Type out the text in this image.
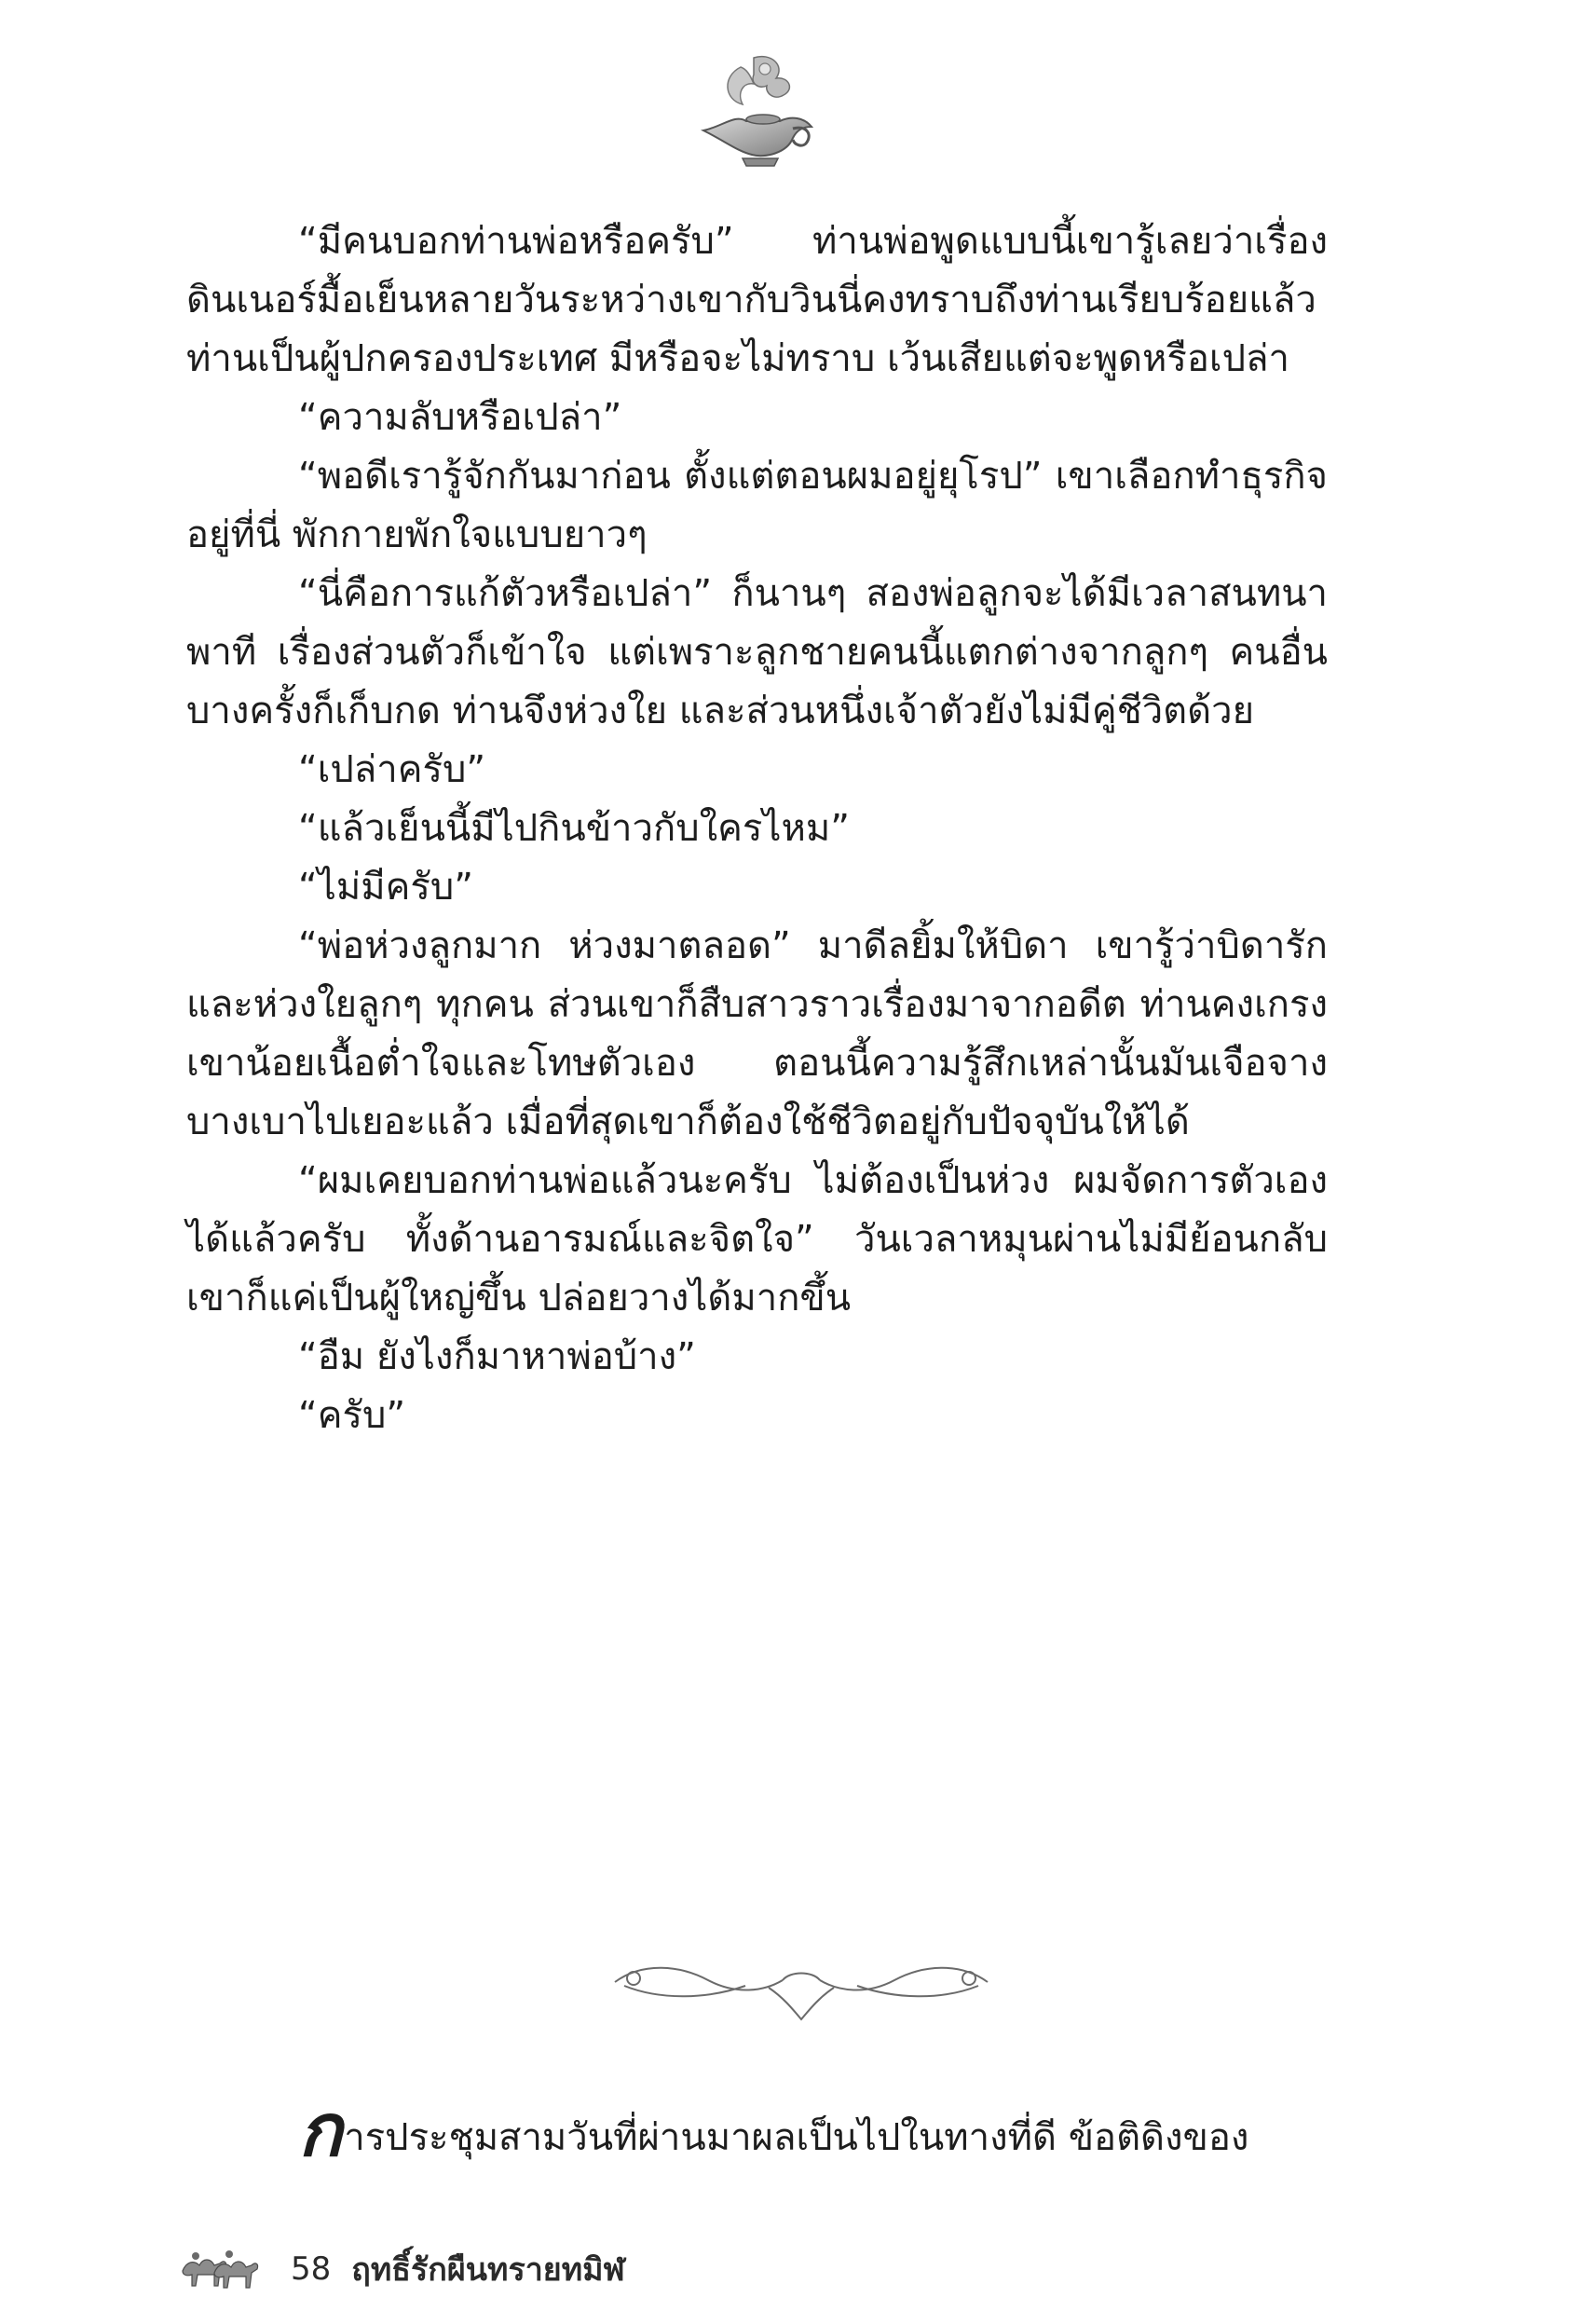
“มีคนบอกท่านพ่อหรือครับ” ท่านพ่อพูดแบบนี้เขารู้เลยว่าเรื่องดินเนอร์มื้อเย็นหลายวันระหว่างเขากับวินนี่คงทราบถึงท่านเรียบร้อยแล้ว ท่านเป็นผู้ปกครองประเทศ มีหรือจะไม่ทราบ เว้นเสียแต่จะพูดหรือเปล่า

“ความลับหรือเปล่า”

“พอดีเรารู้จักกันมาก่อน ตั้งแต่ตอนผมอยู่ยุโรป” เขาเลือกทำธุรกิจอยู่ที่นี่ พักกายพักใจแบบยาวๆ

“นี่คือการแก้ตัวหรือเปล่า” ก็นานๆ สองพ่อลูกจะได้มีเวลาสนทนาพาที เรื่องส่วนตัวก็เข้าใจ แต่เพราะลูกชายคนนี้แตกต่างจากลูกๆ คนอื่น บางครั้งก็เก็บกด ท่านจึงห่วงใย และส่วนหนึ่งเจ้าตัวยังไม่มีคู่ชีวิตด้วย

“เปล่าครับ”

“แล้วเย็นนี้มีไปกินข้าวกับใครไหม”

“ไม่มีครับ”

“พ่อห่วงลูกมาก ห่วงมาตลอด” มาดีลยิ้มให้บิดา เขารู้ว่าบิดารักและห่วงใยลูกๆ ทุกคน ส่วนเขาก็สืบสาวราวเรื่องมาจากอดีต ท่านคงเกรงเขาน้อยเนื้อต่ำใจและโทษตัวเอง ตอนนี้ความรู้สึกเหล่านั้นมันเจือจางบางเบาไปเยอะแล้ว เมื่อที่สุดเขาก็ต้องใช้ชีวิตอยู่กับปัจจุบันให้ได้

“ผมเคยบอกท่านพ่อแล้วนะครับ ไม่ต้องเป็นห่วง ผมจัดการตัวเองได้แล้วครับ ทั้งด้านอารมณ์และจิตใจ” วันเวลาหมุนผ่านไม่มีย้อนกลับ เขาก็แค่เป็นผู้ใหญ่ขึ้น ปล่อยวางได้มากขึ้น

“อืม ยังไงก็มาหาพ่อบ้าง”

“ครับ”

การประชุมสามวันที่ผ่านมาผลเป็นไปในทางที่ดี ข้อติดิงของ

58 ฤทธิ์รักผืนทรายทมิฬ
